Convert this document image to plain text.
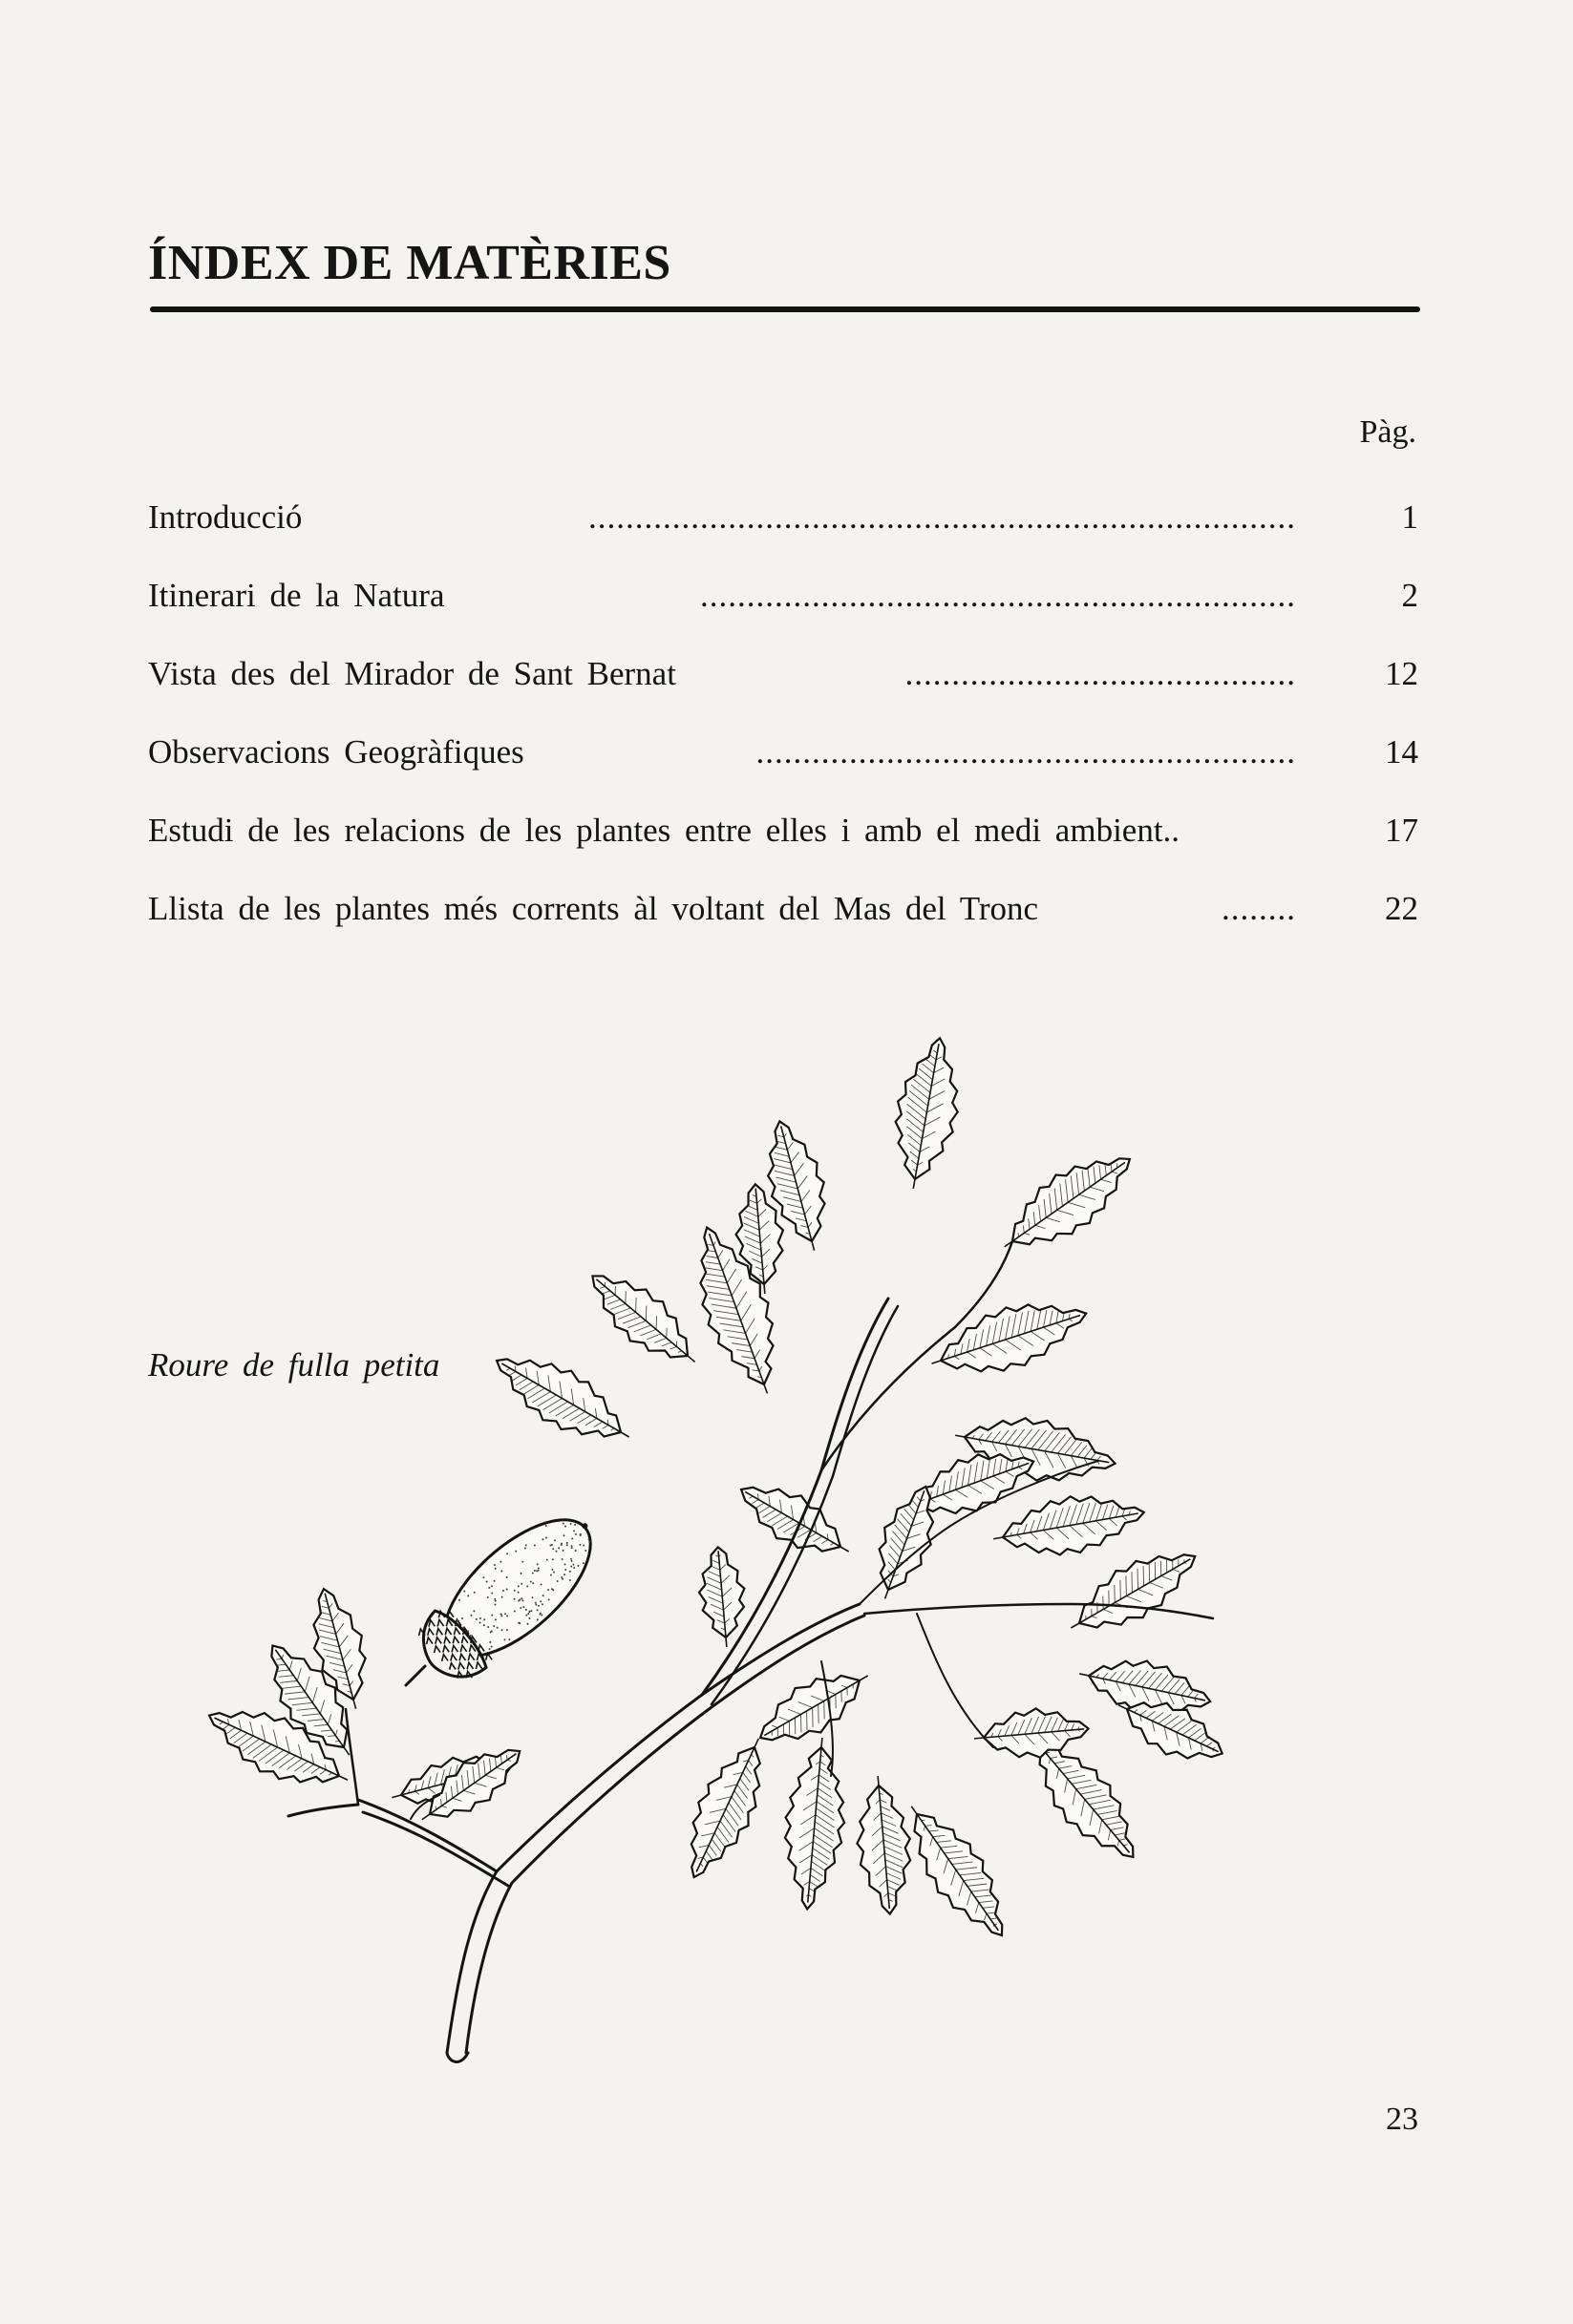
ÍNDEX DE MATÈRIES
Pàg.
Introducció	............................................................................	1
Itinerari de la Natura	................................................................	2
Vista des del Mirador de Sant Bernat	..........................................	12
Observacions Geogràfiques	..........................................................	14
Estudi de les relacions de les plantes entre elles i amb el medi ambient..	17
Llista de les plantes més corrents àl voltant del Mas del Tronc	........	22
Roure de fulla petita
23
